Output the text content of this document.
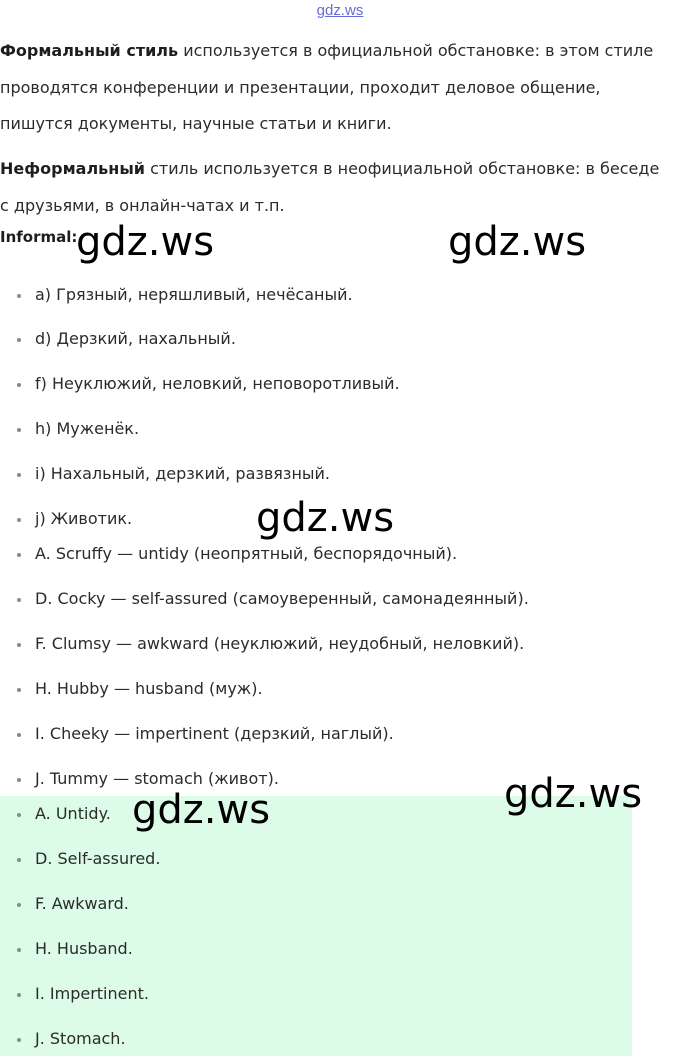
gdz.ws

Формальный стиль используется в официальной обстановке: в этом стиле проводятся конференции и презентации, проходит деловое общение, пишутся документы, научные статьи и книги.

Неформальный стиль используется в неофициальной обстановке: в беседе с друзьями, в онлайн-чатах и т.п.

Informal:
a) Грязный, неряшливый, нечёсаный.
d) Дерзкий, нахальный.
f) Неуклюжий, неловкий, неповоротливый.
h) Муженёк.
i) Нахальный, дерзкий, развязный.
j) Животик.
A. Scruffy — untidy (неопрятный, беспорядочный).
D. Cocky — self-assured (самоуверенный, самонадеянный).
F. Clumsy — awkward (неуклюжий, неудобный, неловкий).
H. Hubby — husband (муж).
I. Cheeky — impertinent (дерзкий, наглый).
J. Tummy — stomach (живот).
A. Untidy.
D. Self-assured.
F. Awkward.
H. Husband.
I. Impertinent.
J. Stomach.
gdz.ws	gdz.ws
gdz.ws
gdz.ws
gdz.ws
